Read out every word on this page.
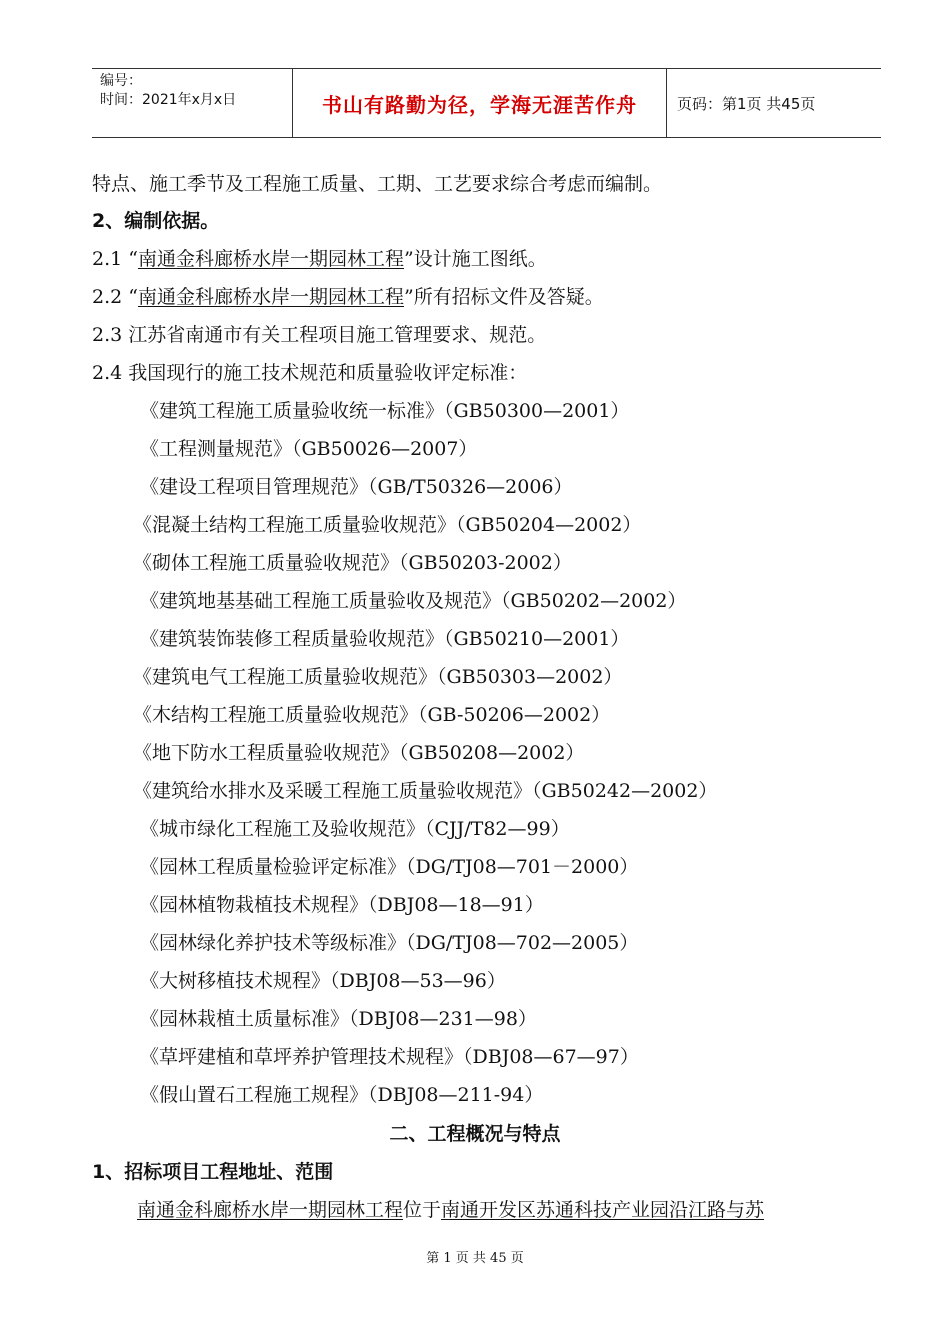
编号：
时间：2021年x月x日	书山有路勤为径，学海无涯苦作舟	页码：第1页 共45页
特点、施工季节及工程施工质量、工期、工艺要求综合考虑而编制。
2、编制依据。
2.1 “南通金科廊桥水岸一期园林工程”设计施工图纸。
2.2 “南通金科廊桥水岸一期园林工程”所有招标文件及答疑。
2.3 江苏省南通市有关工程项目施工管理要求、规范。
2.4 我国现行的施工技术规范和质量验收评定标准：
《建筑工程施工质量验收统一标准》（GB50300—2001）
《工程测量规范》（GB50026—2007）
《建设工程项目管理规范》（GB/T50326—2006）
《混凝土结构工程施工质量验收规范》（GB50204—2002）
《砌体工程施工质量验收规范》（GB50203-2002）
《建筑地基基础工程施工质量验收及规范》（GB50202—2002）
《建筑装饰装修工程质量验收规范》（GB50210—2001）
《建筑电气工程施工质量验收规范》（GB50303—2002）
《木结构工程施工质量验收规范》（GB-50206—2002）
《地下防水工程质量验收规范》（GB50208—2002）
《建筑给水排水及采暖工程施工质量验收规范》（GB50242—2002）
《城市绿化工程施工及验收规范》（CJJ/T82—99）
《园林工程质量检验评定标准》（DG/TJ08—701－2000）
《园林植物栽植技术规程》（DBJ08—18—91）
《园林绿化养护技术等级标准》（DG/TJ08—702—2005）
《大树移植技术规程》（DBJ08—53—96）
《园林栽植土质量标准》（DBJ08—231—98）
《草坪建植和草坪养护管理技术规程》（DBJ08—67—97）
《假山置石工程施工规程》（DBJ08—211-94）
二、工程概况与特点
1、招标项目工程地址、范围
南通金科廊桥水岸一期园林工程位于南通开发区苏通科技产业园沿江路与苏
第 1 页 共 45 页
